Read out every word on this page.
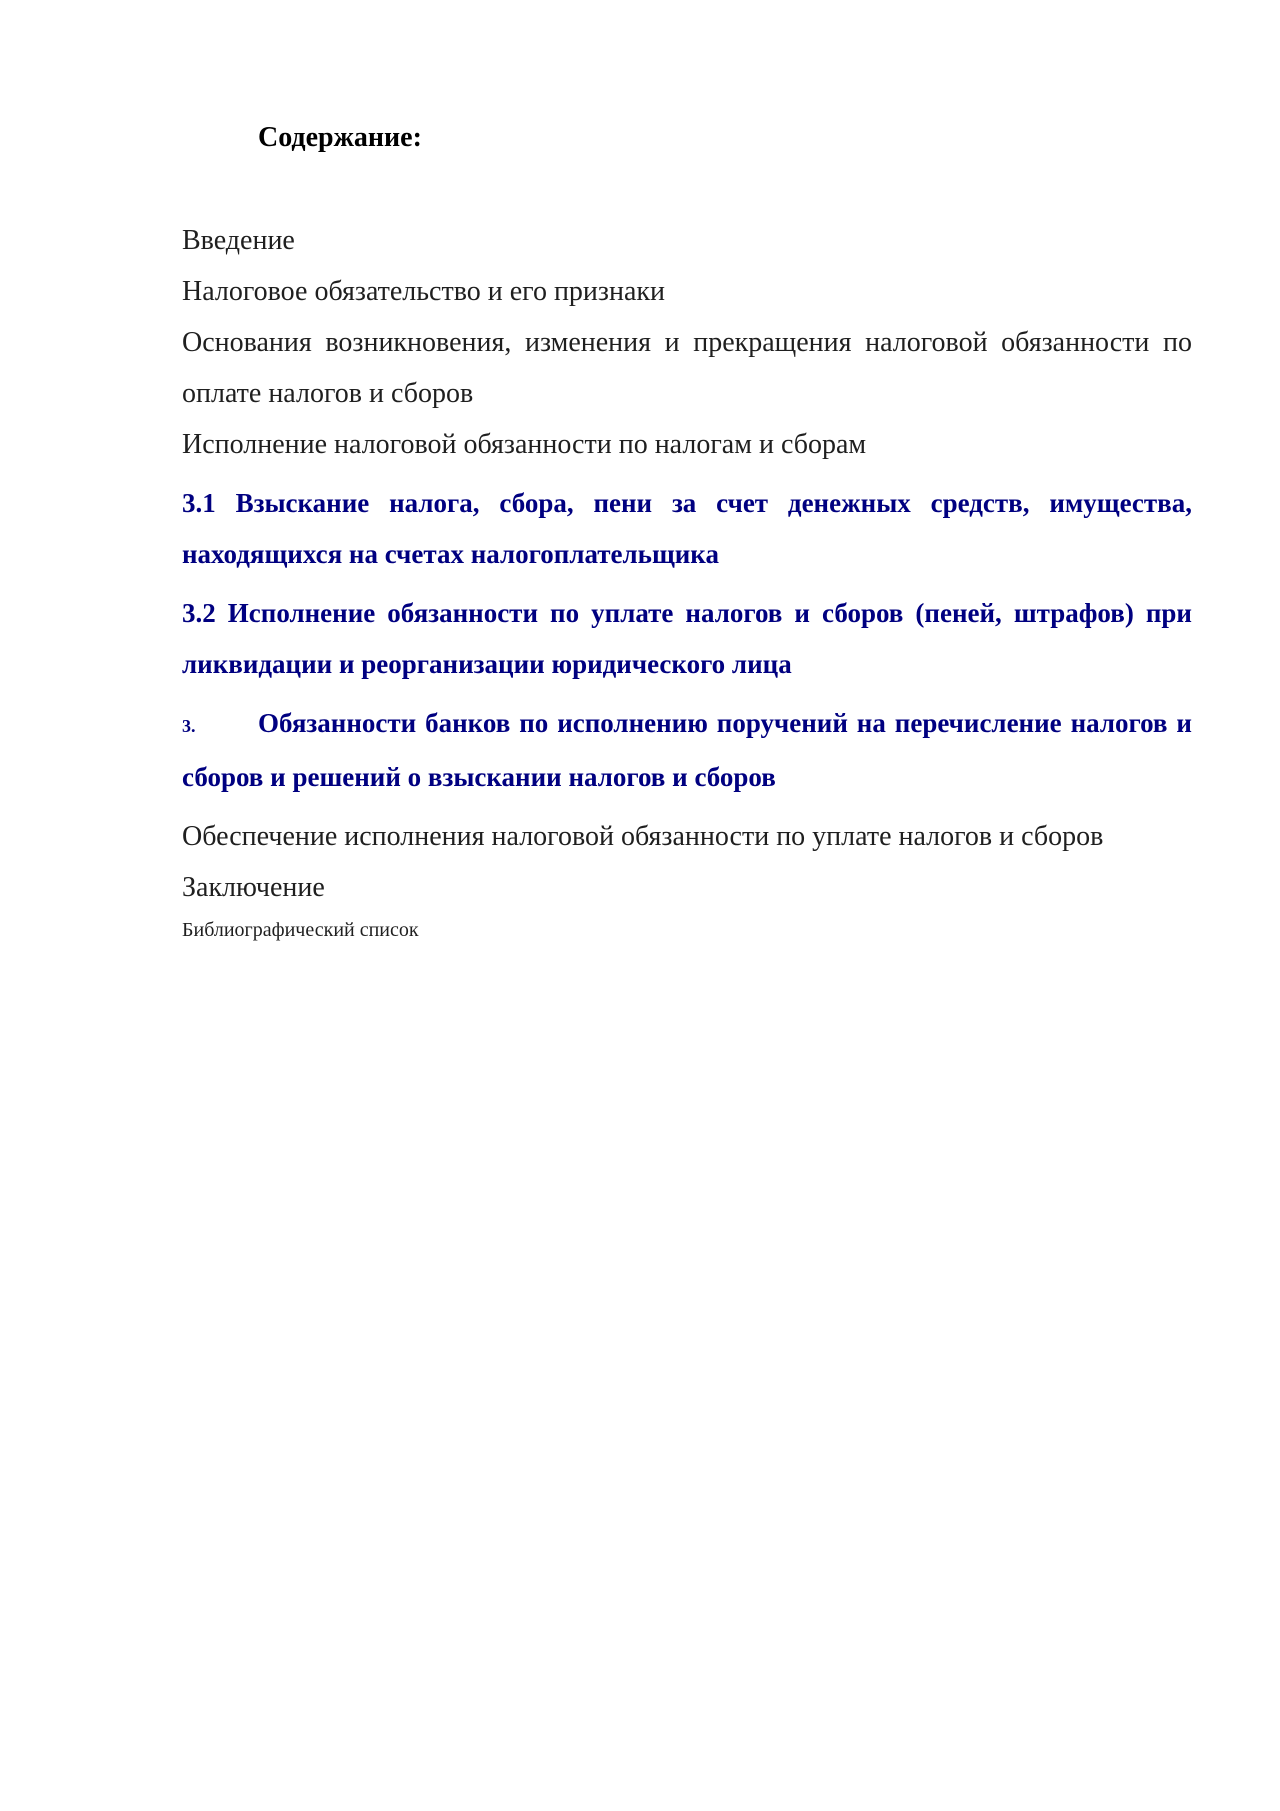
Содержание:
Введение
Налоговое обязательство и его признаки
Основания возникновения, изменения и прекращения налоговой обязанности по оплате налогов и сборов
Исполнение налоговой обязанности по налогам и сборам
3.1 Взыскание налога, сбора, пени за счет денежных средств, имущества, находящихся на счетах налогоплательщика
3.2 Исполнение обязанности по уплате налогов и сборов (пеней, штрафов) при ликвидации и реорганизации юридического лица
3. Обязанности банков по исполнению поручений на перечисление налогов и сборов и решений о взыскании налогов и сборов
Обеспечение исполнения налоговой обязанности по уплате налогов и сборов
Заключение
Библиографический список
